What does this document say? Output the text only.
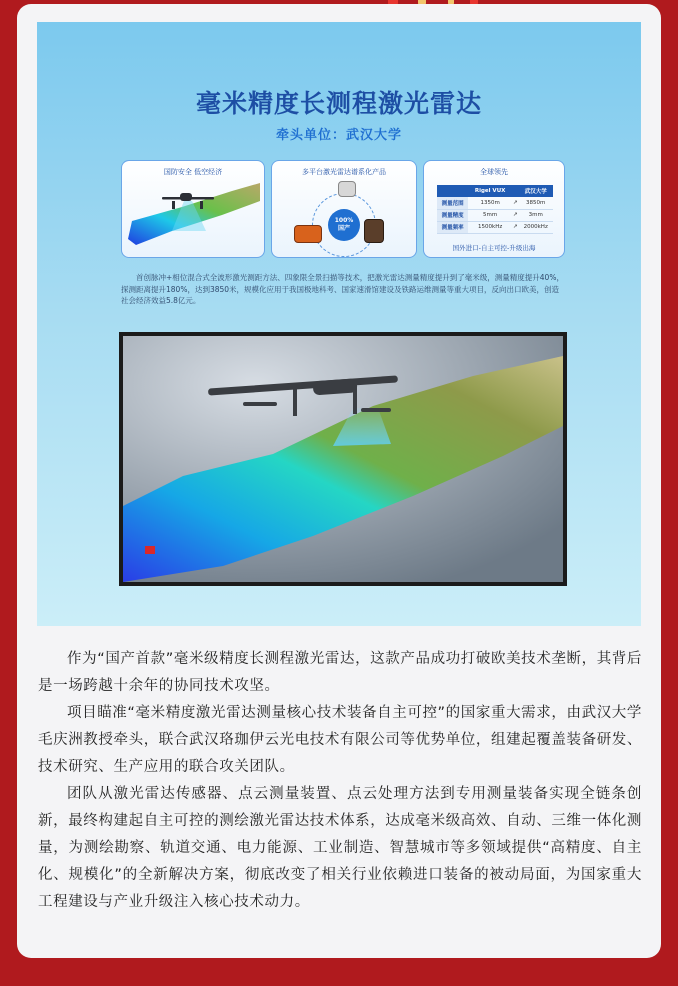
毫米精度长测程激光雷达
牵头单位：武汉大学
国防安全 低空经济	多平台激光雷达谱系化产品
100%
国产
全球领先
	Rigel VUX		武汉大学
测量范围	1350m	↗	3850m
测量精度	5mm	↗	3mm
测量频率	1500kHz	↗	2000kHz
国外进口-自主可控-升级出海
首创脉冲+相位混合式全波形激光测距方法、四象限全景扫描等技术，把激光雷达测量精度提升到了毫米级，测量精度提升40%，探测距离提升180%，达到3850米，规模化应用于我国极地科考、国家速滑馆建设及铁路运维测量等重大项目，反向出口欧美，创造社会经济效益5.8亿元。

作为“国产首款”毫米级精度长测程激光雷达，这款产品成功打破欧美技术垄断，其背后是一场跨越十余年的协同技术攻坚。

项目瞄准“毫米精度激光雷达测量核心技术装备自主可控”的国家重大需求，由武汉大学毛庆洲教授牵头，联合武汉珞珈伊云光电技术有限公司等优势单位，组建起覆盖装备研发、技术研究、生产应用的联合攻关团队。

团队从激光雷达传感器、点云测量装置、点云处理方法到专用测量装备实现全链条创新，最终构建起自主可控的测绘激光雷达技术体系，达成毫米级高效、自动、三维一体化测量，为测绘勘察、轨道交通、电力能源、工业制造、智慧城市等多领域提供“高精度、自主化、规模化”的全新解决方案，彻底改变了相关行业依赖进口装备的被动局面，为国家重大工程建设与产业升级注入核心技术动力。
